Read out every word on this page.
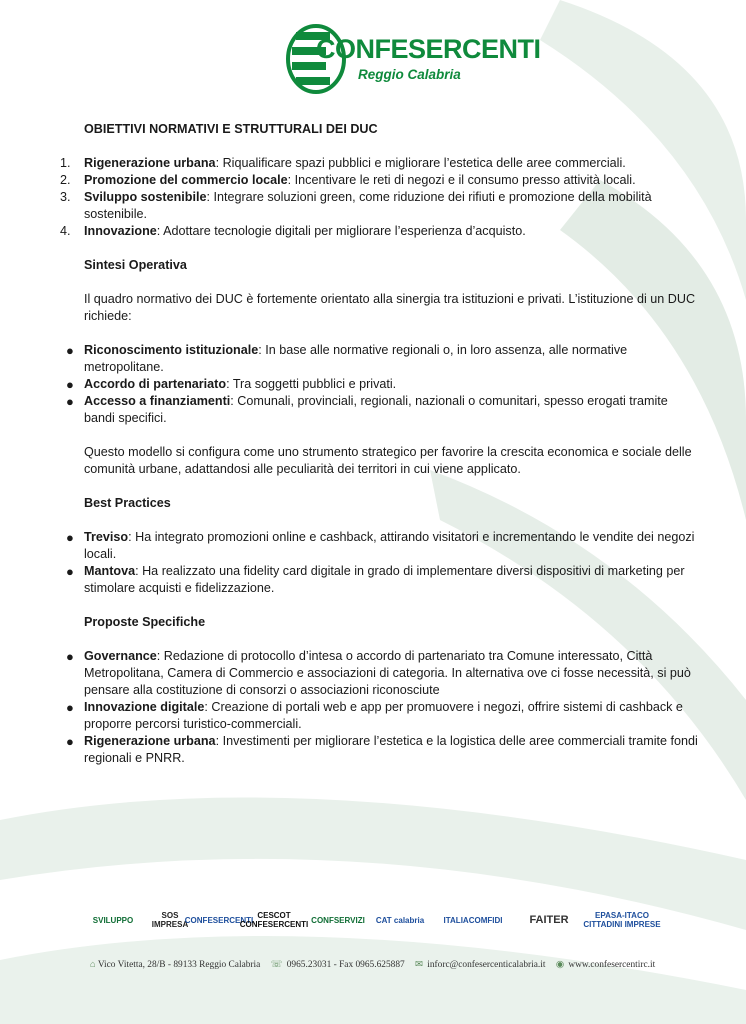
CONFESERCENTI
Reggio Calabria
OBIETTIVI NORMATIVI E STRUTTURALI DEI DUC
1. Rigenerazione urbana: Riqualificare spazi pubblici e migliorare l’estetica delle aree commerciali.
2. Promozione del commercio locale: Incentivare le reti di negozi e il consumo presso attività locali.
3. Sviluppo sostenibile: Integrare soluzioni green, come riduzione dei rifiuti e promozione della mobilità sostenibile.
4. Innovazione: Adottare tecnologie digitali per migliorare l’esperienza d’acquisto.
Sintesi Operativa
Il quadro normativo dei DUC è fortemente orientato alla sinergia tra istituzioni e privati. L’istituzione di un DUC richiede:
● Riconoscimento istituzionale: In base alle normative regionali o, in loro assenza, alle normative metropolitane.
● Accordo di partenariato: Tra soggetti pubblici e privati.
● Accesso a finanziamenti: Comunali, provinciali, regionali, nazionali o comunitari, spesso erogati tramite bandi specifici.
Questo modello si configura come uno strumento strategico per favorire la crescita economica e sociale delle comunità urbane, adattandosi alle peculiarità dei territori in cui viene applicato.
Best Practices
● Treviso: Ha integrato promozioni online e cashback, attirando visitatori e incrementando le vendite dei negozi locali.
● Mantova: Ha realizzato una fidelity card digitale in grado di implementare diversi dispositivi di marketing per stimolare acquisti e fidelizzazione.
Proposte Specifiche
● Governance: Redazione di protocollo d’intesa o accordo di partenariato tra Comune interessato, Città Metropolitana, Camera di Commercio e associazioni di categoria. In alternativa ove ci fosse necessità, si può pensare alla costituzione di consorzi o associazioni riconosciute
● Innovazione digitale: Creazione di portali web e app per promuovere i negozi, offrire sistemi di cashback e proporre percorsi turistico-commerciali.
● Rigenerazione urbana: Investimenti per migliorare l’estetica e la logistica delle aree commerciali tramite fondi regionali e PNRR.
SVILUPPO	SOS IMPRESA
CONFESERCENTI CESCOT CONFESERCENTI CONFSERVIZI CAT calabria ITALIACOMFIDI FAITER	EPASA-ITACO CITTADINI IMPRESE
⌂ Vico Vitetta, 28/B - 89133 Reggio Calabria ☏ 0965.23031 - Fax 0965.625887 ✉ inforc@confesercenticalabria.it ◉ www.confesercentirc.it
